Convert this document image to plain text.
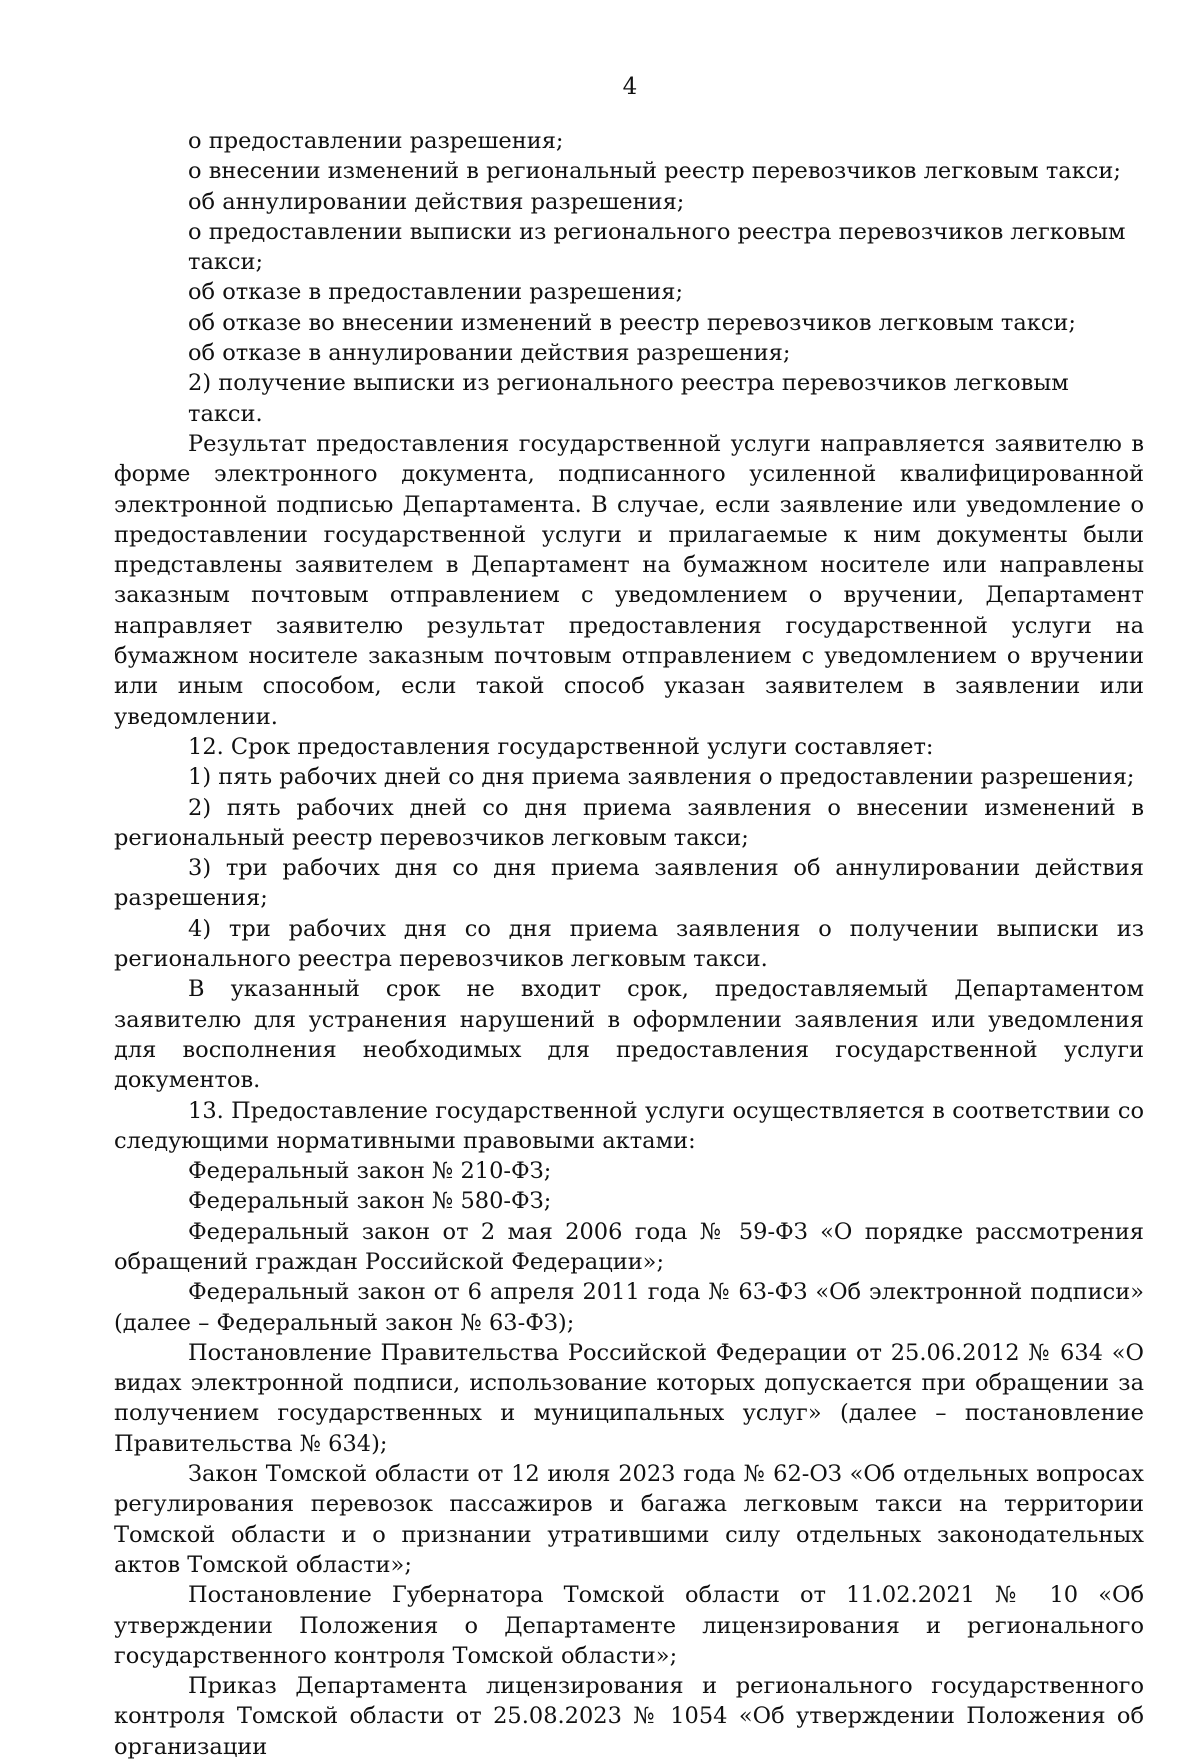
4

о предоставлении разрешения;

о внесении изменений в региональный реестр перевозчиков легковым такси;

об аннулировании действия разрешения;

о предоставлении выписки из регионального реестра перевозчиков легковым такси;

об отказе в предоставлении разрешения;

об отказе во внесении изменений в реестр перевозчиков легковым такси;

об отказе в аннулировании действия разрешения;

2) получение выписки из регионального реестра перевозчиков легковым такси.

Результат предоставления государственной услуги направляется заявителю в форме электронного документа, подписанного усиленной квалифицированной электронной подписью Департамента. В случае, если заявление или уведомление о предоставлении государственной услуги и прилагаемые к ним документы были представлены заявителем в Департамент на бумажном носителе или направлены заказным почтовым отправлением с уведомлением о вручении, Департамент направляет заявителю результат предоставления государственной услуги на бумажном носителе заказным почтовым отправлением с уведомлением о вручении или иным способом, если такой способ указан заявителем в заявлении или уведомлении.

12. Срок предоставления государственной услуги составляет:

1) пять рабочих дней со дня приема заявления о предоставлении разрешения;

2) пять рабочих дней со дня приема заявления о внесении изменений в региональный реестр перевозчиков легковым такси;

3) три рабочих дня со дня приема заявления об аннулировании действия разрешения;

4) три рабочих дня со дня приема заявления о получении выписки из регионального реестра перевозчиков легковым такси.

В указанный срок не входит срок, предоставляемый Департаментом заявителю для устранения нарушений в оформлении заявления или уведомления для восполнения необходимых для предоставления государственной услуги документов.

13. Предоставление государственной услуги осуществляется в соответствии со следующими нормативными правовыми актами:

Федеральный закон № 210-ФЗ;

Федеральный закон № 580-ФЗ;

Федеральный закон от 2 мая 2006 года № 59-ФЗ «О порядке рассмотрения обращений граждан Российской Федерации»;

Федеральный закон от 6 апреля 2011 года № 63-ФЗ «Об электронной подписи» (далее – Федеральный закон № 63-ФЗ);

Постановление Правительства Российской Федерации от 25.06.2012 № 634 «О видах электронной подписи, использование которых допускается при обращении за получением государственных и муниципальных услуг» (далее – постановление Правительства № 634);

Закон Томской области от 12 июля 2023 года № 62-ОЗ «Об отдельных вопросах регулирования перевозок пассажиров и багажа легковым такси на территории Томской области и о признании утратившими силу отдельных законодательных актов Томской области»;

Постановление Губернатора Томской области от 11.02.2021 № 10 «Об утверждении Положения о Департаменте лицензирования и регионального государственного контроля Томской области»;

Приказ Департамента лицензирования и регионального государственного контроля Томской области от 25.08.2023 № 1054 «Об утверждении Положения об организации
